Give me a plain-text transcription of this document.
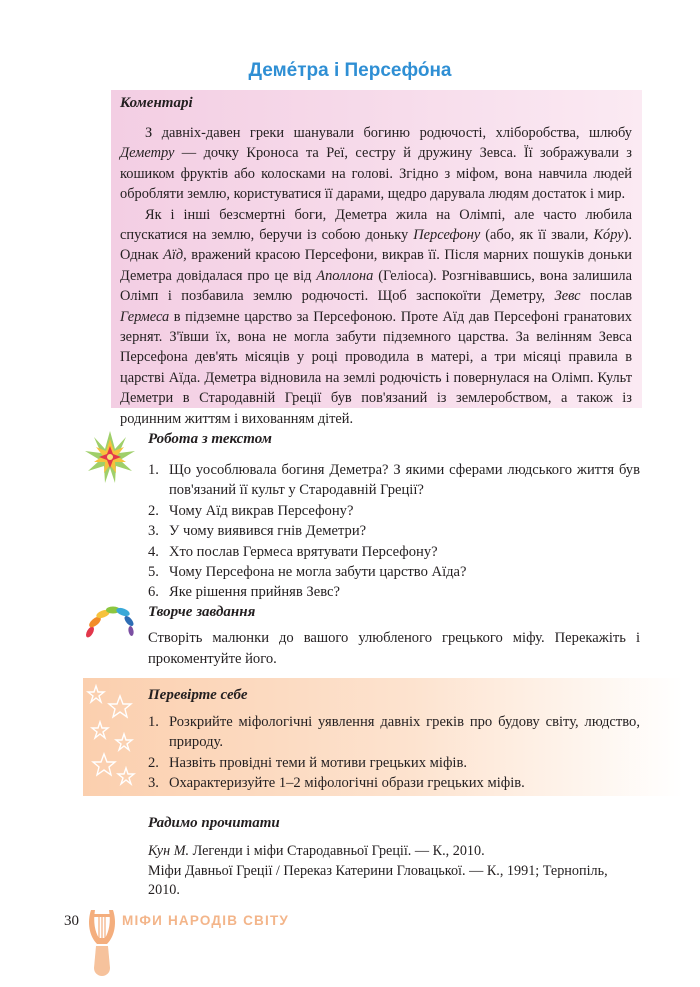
Деме́тра і Персефо́на
Коментарі

З давніх-давен греки шанували богиню родючості, хліборобства, шлюбу Деметру — дочку Кроноса та Реї, сестру й дружину Зевса. Її зображували з кошиком фруктів або колосками на голові. Згідно з міфом, вона навчила людей обробляти землю, користуватися її дарами, щедро дарувала людям достаток і мир.

Як і інші безсмертні боги, Деметра жила на Олімпі, але часто любила спускатися на землю, беручи із собою доньку Персефону (або, як її звали, Кóру). Однак Аїд, вражений красою Персефони, викрав її. Після марних пошуків доньки Деметра довідалася про це від Аполлона (Геліоса). Розгнівавшись, вона залишила Олімп і позбавила землю родючості. Щоб заспокоїти Деметру, Зевс послав Гермеса в підземне царство за Персефоною. Проте Аїд дав Персефоні гранатових зернят. З'ївши їх, вона не могла забути підземного царства. За велінням Зевса Персефона дев'ять місяців у році проводила в матері, а три місяці правила в царстві Аїда. Деметра відновила на землі родючість і повернулася на Олімп. Культ Деметри в Стародавній Греції був пов'язаний із землеробством, а також із родинним життям і вихованням дітей.

Робота з текстом
1. Що уособлювала богиня Деметра? З якими сферами людського життя був пов'язаний її культ у Стародавній Греції?
2. Чому Аїд викрав Персефону?
3. У чому виявився гнів Деметри?
4. Хто послав Гермеса врятувати Персефону?
5. Чому Персефона не могла забути царство Аїда?
6. Яке рішення прийняв Зевс?
Творче завдання
Створіть малюнки до вашого улюбленого грецького міфу. Перекажіть і прокоментуйте його.
Перевірте себе
1. Розкрийте міфологічні уявлення давніх греків про будову світу, людство, природу.
2. Назвіть провідні теми й мотиви грецьких міфів.
3. Охарактеризуйте 1–2 міфологічні образи грецьких міфів.
Радимо прочитати

Кун М. Легенди і міфи Стародавньої Греції. — К., 2010.

Міфи Давньої Греції / Переказ Катерини Гловацької. — К., 1991; Тернопіль, 2010.

30	МІФИ НАРОДІВ СВІТУ
